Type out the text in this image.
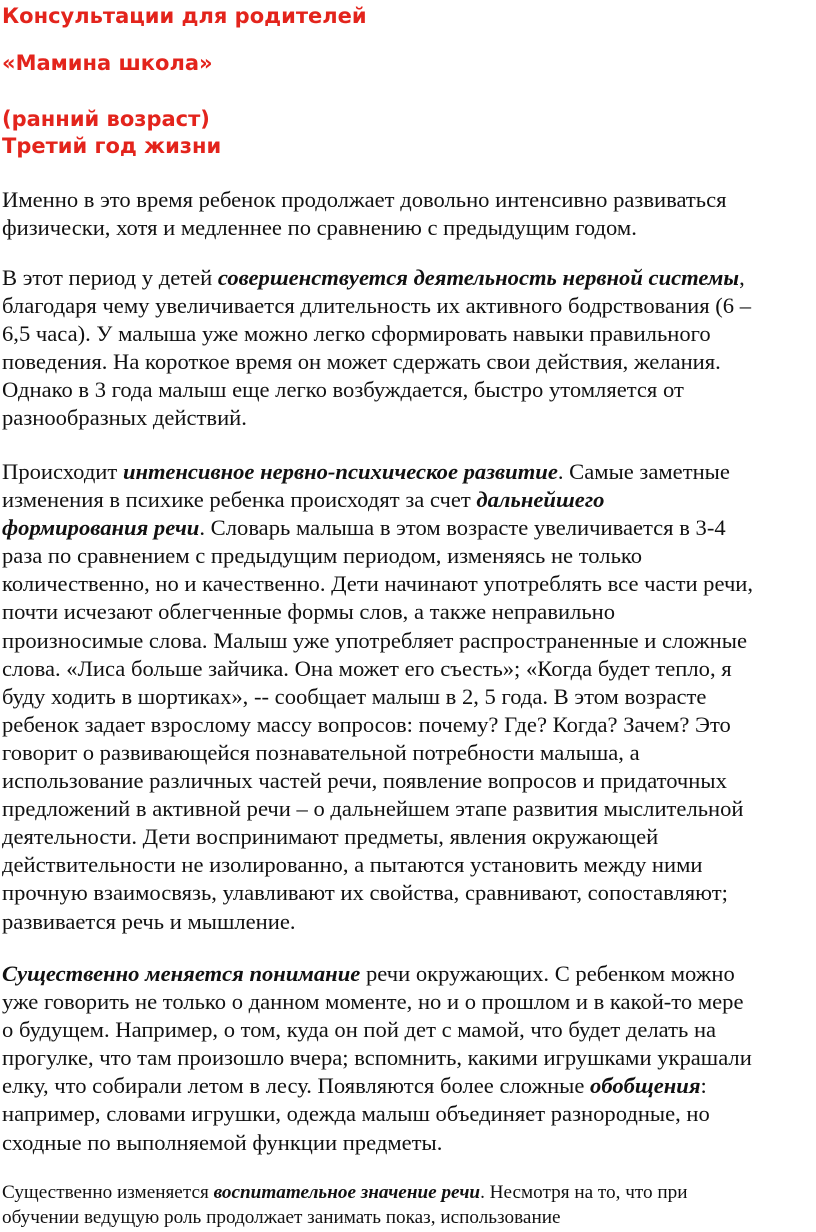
Консультации для родителей
«Мамина школа»
(ранний возраст)
Третий год жизни
Именно в это время ребенок продолжает довольно интенсивно развиваться
физически, хотя и медленнее по сравнению с предыдущим годом.
В этот период у детей совершенствуется деятельность нервной системы,
благодаря чему увеличивается длительность их активного бодрствования (6 –
6,5 часа). У малыша уже можно легко сформировать навыки правильного
поведения. На короткое время он может сдержать свои действия, желания.
Однако в 3 года малыш еще легко возбуждается, быстро утомляется от
разнообразных действий.
Происходит интенсивное нервно-психическое развитие. Самые заметные
изменения в психике ребенка происходят за счет дальнейшего
формирования речи. Словарь малыша в этом возрасте увеличивается в 3-4
раза по сравнением с предыдущим периодом, изменяясь не только
количественно, но и качественно. Дети начинают употреблять все части речи,
почти исчезают облегченные формы слов, а также неправильно
произносимые слова. Малыш уже употребляет распространенные и сложные
слова. «Лиса больше зайчика. Она может его съесть»; «Когда будет тепло, я
буду ходить в шортиках», -- сообщает малыш в 2, 5 года. В этом возрасте
ребенок задает взрослому массу вопросов: почему? Где? Когда? Зачем? Это
говорит о развивающейся познавательной потребности малыша, а
использование различных частей речи, появление вопросов и придаточных
предложений в активной речи – о дальнейшем этапе развития мыслительной
деятельности. Дети воспринимают предметы, явления окружающей
действительности не изолированно, а пытаются установить между ними
прочную взаимосвязь, улавливают их свойства, сравнивают, сопоставляют;
развивается речь и мышление.
Существенно меняется понимание речи окружающих. С ребенком можно
уже говорить не только о данном моменте, но и о прошлом и в какой-то мере
о будущем. Например, о том, куда он пой дет с мамой, что будет делать на
прогулке, что там произошло вчера; вспомнить, какими игрушками украшали
елку, что собирали летом в лесу. Появляются более сложные обобщения:
например, словами игрушки, одежда малыш объединяет разнородные, но
сходные по выполняемой функции предметы.
Существенно изменяется воспитательное значение речи. Несмотря на то, что при
обучении ведущую роль продолжает занимать показ, использование
